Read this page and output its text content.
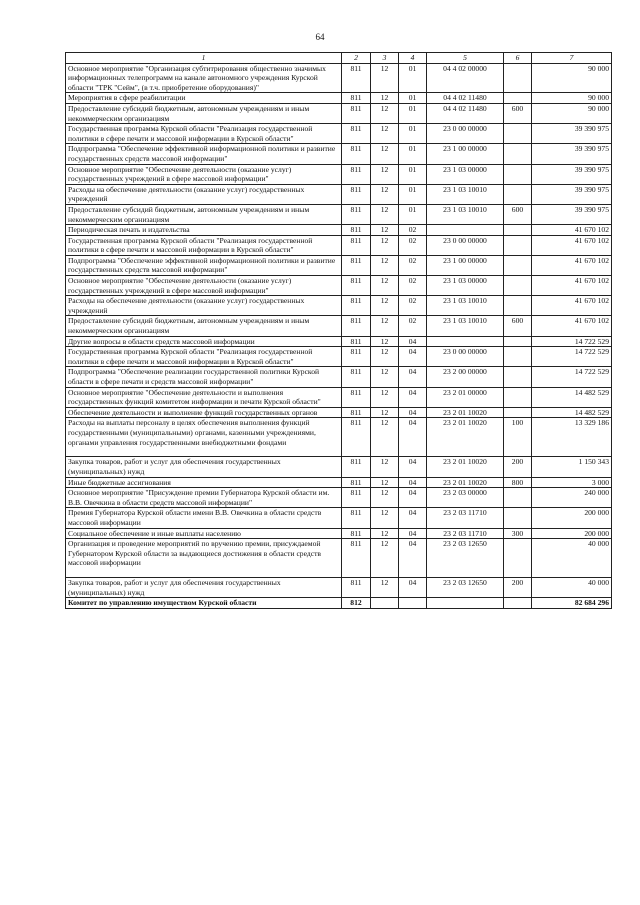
64
1	2	3	4	5	6	7
Основное мероприятие "Организация субтитрирования общественно значимых информационных телепрограмм на канале автономного учреждения Курской области "ТРК "Сейм", (в т.ч. приобретение оборудования)"	811	12	01	04 4 02 00000		90 000
Мероприятия в сфере реабилитации	811	12	01	04 4 02 11480		90 000
Предоставление субсидий бюджетным, автономным учреждениям и иным некоммерческим организациям	811	12	01	04 4 02 11480	600	90 000
Государственная программа Курской области "Реализация государственной политики в сфере печати и массовой информации в Курской области"	811	12	01	23 0 00 00000		39 390 975
Подпрограмма "Обеспечение эффективной информационной политики и развитие государственных средств массовой информации"	811	12	01	23 1 00 00000		39 390 975
Основное мероприятие "Обеспечение деятельности (оказание услуг) государственных учреждений в сфере массовой информации"	811	12	01	23 1 03 00000		39 390 975
Расходы на обеспечение деятельности (оказание услуг) государственных учреждений	811	12	01	23 1 03 10010		39 390 975
Предоставление субсидий бюджетным, автономным учреждениям и иным некоммерческим организациям	811	12	01	23 1 03 10010	600	39 390 975
Периодическая печать и издательства	811	12	02			41 670 102
Государственная программа Курской области "Реализация государственной политики в сфере печати и массовой информации в Курской области"	811	12	02	23 0 00 00000		41 670 102
Подпрограмма "Обеспечение эффективной информационной политики и развитие государственных средств массовой информации"	811	12	02	23 1 00 00000		41 670 102
Основное мероприятие "Обеспечение деятельности (оказание услуг) государственных учреждений в сфере массовой информации"	811	12	02	23 1 03 00000		41 670 102
Расходы на обеспечение деятельности (оказание услуг) государственных учреждений	811	12	02	23 1 03 10010		41 670 102
Предоставление субсидий бюджетным, автономным учреждениям и иным некоммерческим организациям	811	12	02	23 1 03 10010	600	41 670 102
Другие вопросы в области средств массовой информации	811	12	04			14 722 529
Государственная программа Курской области "Реализация государственной политики в сфере печати и массовой информации в Курской области"	811	12	04	23 0 00 00000		14 722 529
Подпрограмма "Обеспечение реализации государственной политики Курской области в сфере печати и средств массовой информации"	811	12	04	23 2 00 00000		14 722 529
Основное мероприятие "Обеспечение деятельности и выполнения государственных функций комитетом информации и печати Курской области"	811	12	04	23 2 01 00000		14 482 529
Обеспечение деятельности и выполнение функций государственных органов	811	12	04	23 2 01 10020		14 482 529
Расходы на выплаты персоналу в целях обеспечения выполнения функций государственными (муниципальными) органами, казенными учреждениями, органами управления государственными внебюджетными фондами	811	12	04	23 2 01 10020	100	13 329 186
Закупка товаров, работ и услуг для обеспечения государственных (муниципальных) нужд	811	12	04	23 2 01 10020	200	1 150 343
Иные бюджетные ассигнования	811	12	04	23 2 01 10020	800	3 000
Основное мероприятие "Присуждение премии Губернатора Курской области им. В.В. Овечкина в области средств массовой информации"	811	12	04	23 2 03 00000		240 000
Премия Губернатора Курской области имени В.В. Овечкина в области средств массовой информации	811	12	04	23 2 03 11710		200 000
Социальное обеспечение и иные выплаты населению	811	12	04	23 2 03 11710	300	200 000
Организация и проведение мероприятий по вручению премии, присуждаемой Губернатором Курской области за выдающиеся достижения в области средств массовой информации	811	12	04	23 2 03 12650		40 000
Закупка товаров, работ и услуг для обеспечения государственных (муниципальных) нужд	811	12	04	23 2 03 12650	200	40 000
Комитет по управлению имуществом Курской области	812					82 684 296
